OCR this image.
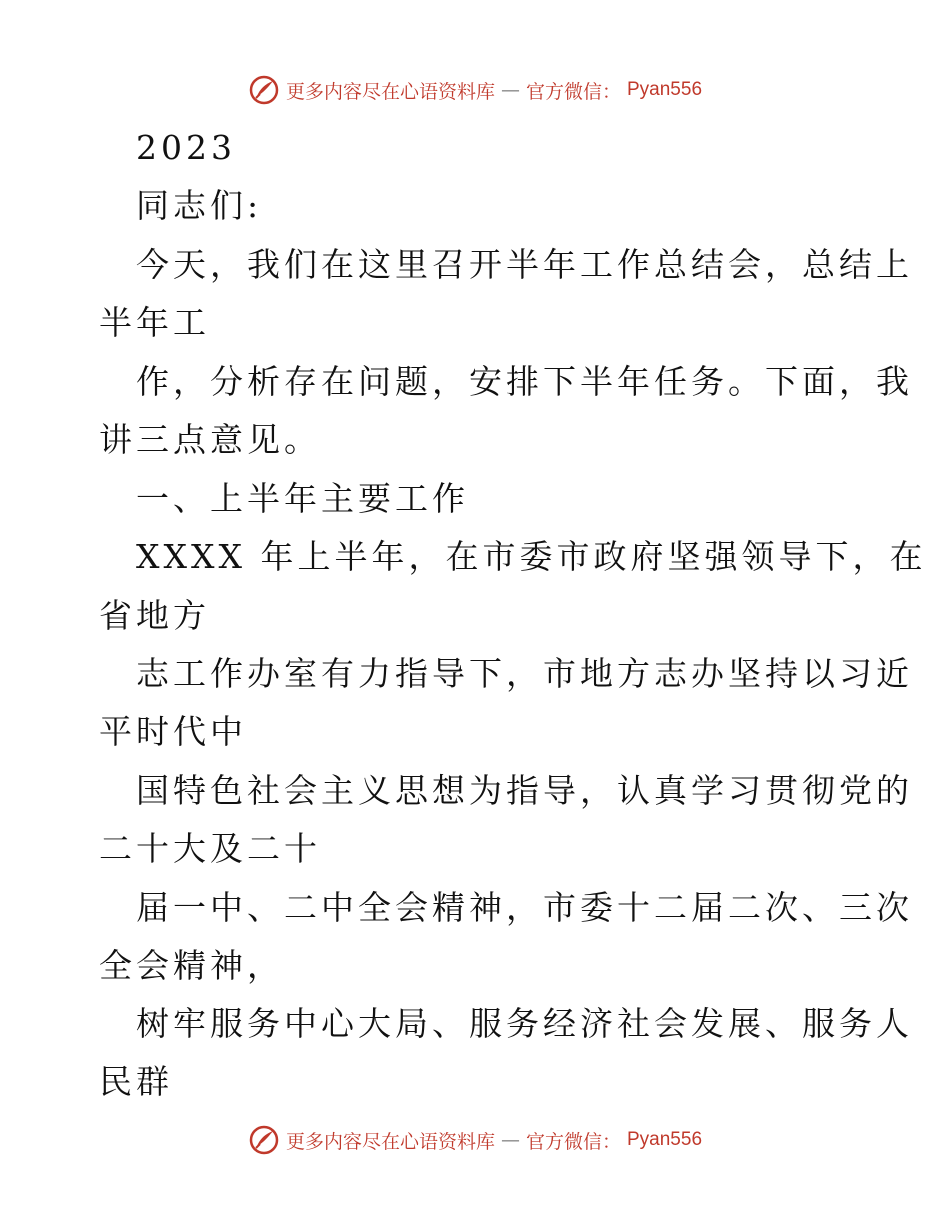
更多内容尽在心语资料库 — 官方微信： Pyan556
2023
同志们:
今天，我们在这里召开半年工作总结会，总结上
半年工
作，分析存在问题，安排下半年任务。下面，我
讲三点意见。
一、上半年主要工作
XXXX 年上半年，在市委市政府坚强领导下，在
省地方
志工作办室有力指导下，市地方志办坚持以习近
平时代中
国特色社会主义思想为指导，认真学习贯彻党的
二十大及二十
届一中、二中全会精神，市委十二届二次、三次
全会精神，
树牢服务中心大局、服务经济社会发展、服务人
民群
更多内容尽在心语资料库 — 官方微信： Pyan556
